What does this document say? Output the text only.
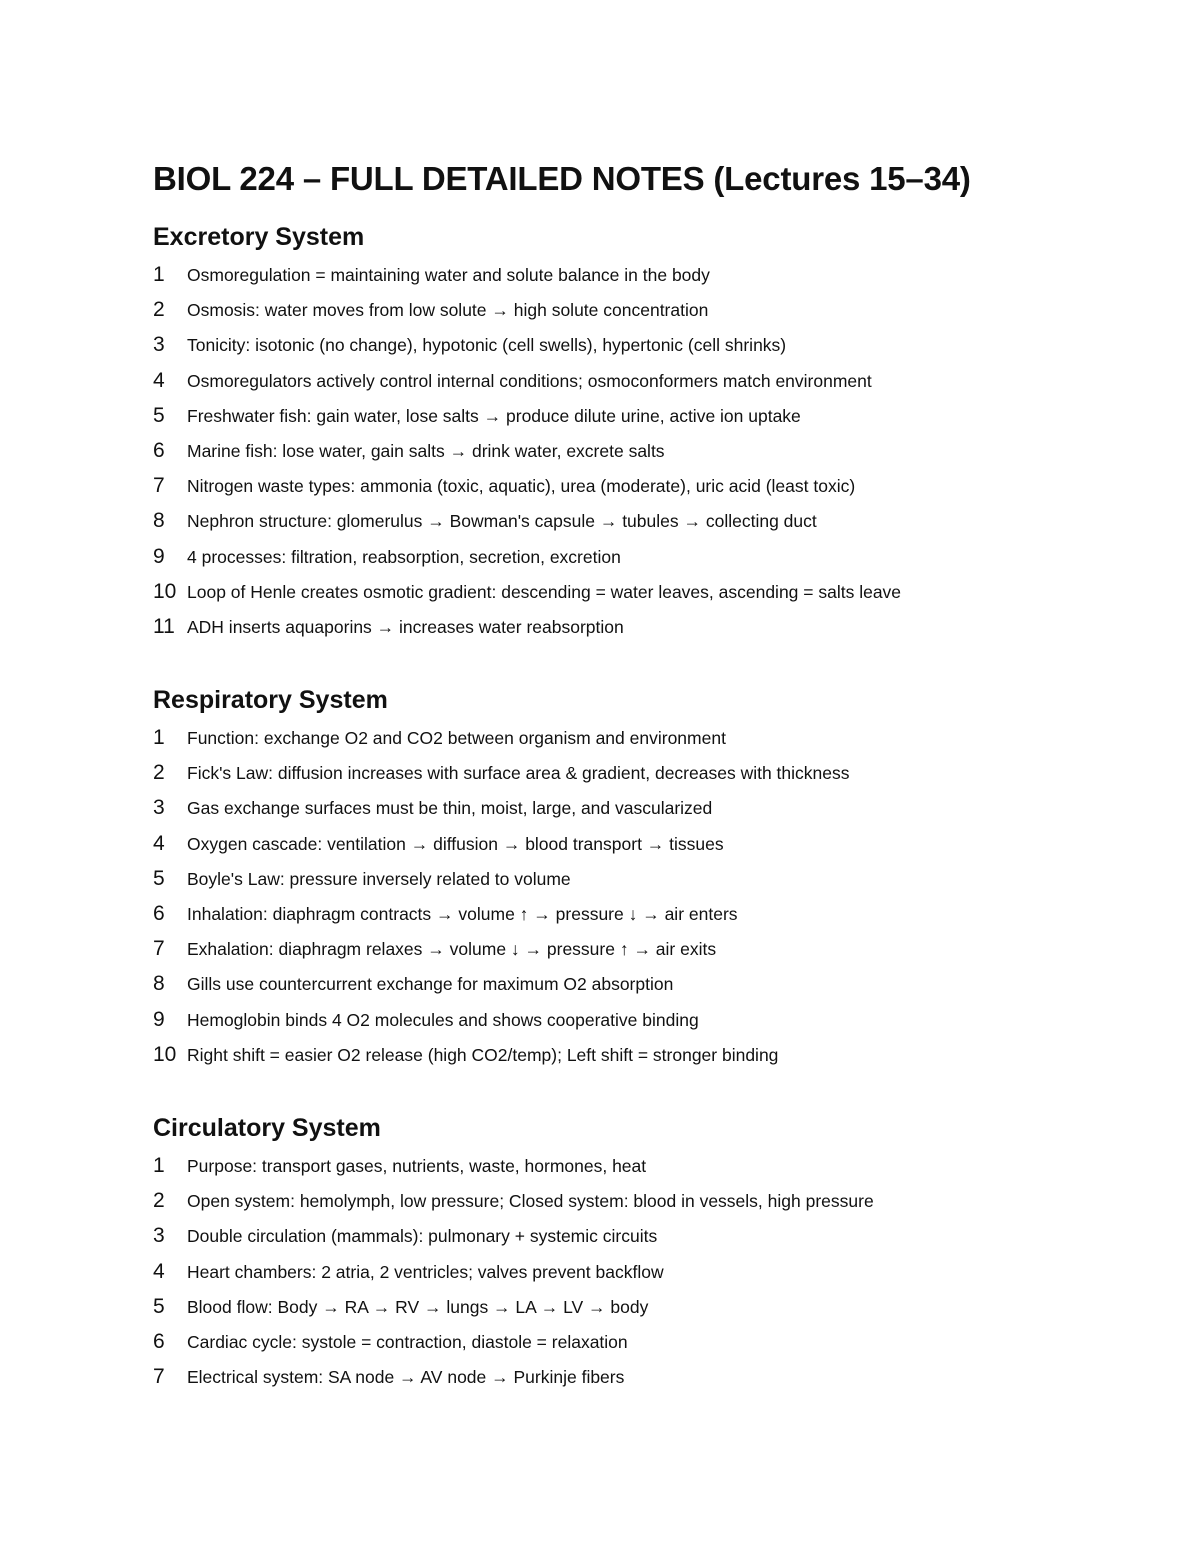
BIOL 224 – FULL DETAILED NOTES (Lectures 15–34)
Excretory System
1	Osmoregulation = maintaining water and solute balance in the body
2	Osmosis: water moves from low solute → high solute concentration
3	Tonicity: isotonic (no change), hypotonic (cell swells), hypertonic (cell shrinks)
4	Osmoregulators actively control internal conditions; osmoconformers match environment
5	Freshwater fish: gain water, lose salts → produce dilute urine, active ion uptake
6	Marine fish: lose water, gain salts → drink water, excrete salts
7	Nitrogen waste types: ammonia (toxic, aquatic), urea (moderate), uric acid (least toxic)
8	Nephron structure: glomerulus → Bowman's capsule → tubules → collecting duct
9	4 processes: filtration, reabsorption, secretion, excretion
10 Loop of Henle creates osmotic gradient: descending = water leaves, ascending = salts leave
11 ADH inserts aquaporins → increases water reabsorption
Respiratory System
1	Function: exchange O2 and CO2 between organism and environment
2	Fick's Law: diffusion increases with surface area & gradient, decreases with thickness
3	Gas exchange surfaces must be thin, moist, large, and vascularized
4	Oxygen cascade: ventilation → diffusion → blood transport → tissues
5	Boyle's Law: pressure inversely related to volume
6	Inhalation: diaphragm contracts → volume ↑ → pressure ↓ → air enters
7	Exhalation: diaphragm relaxes → volume ↓ → pressure ↑ → air exits
8	Gills use countercurrent exchange for maximum O2 absorption
9	Hemoglobin binds 4 O2 molecules and shows cooperative binding
10 Right shift = easier O2 release (high CO2/temp); Left shift = stronger binding
Circulatory System
1	Purpose: transport gases, nutrients, waste, hormones, heat
2	Open system: hemolymph, low pressure; Closed system: blood in vessels, high pressure
3	Double circulation (mammals): pulmonary + systemic circuits
4	Heart chambers: 2 atria, 2 ventricles; valves prevent backflow
5	Blood flow: Body → RA → RV → lungs → LA → LV → body
6	Cardiac cycle: systole = contraction, diastole = relaxation
7	Electrical system: SA node → AV node → Purkinje fibers
